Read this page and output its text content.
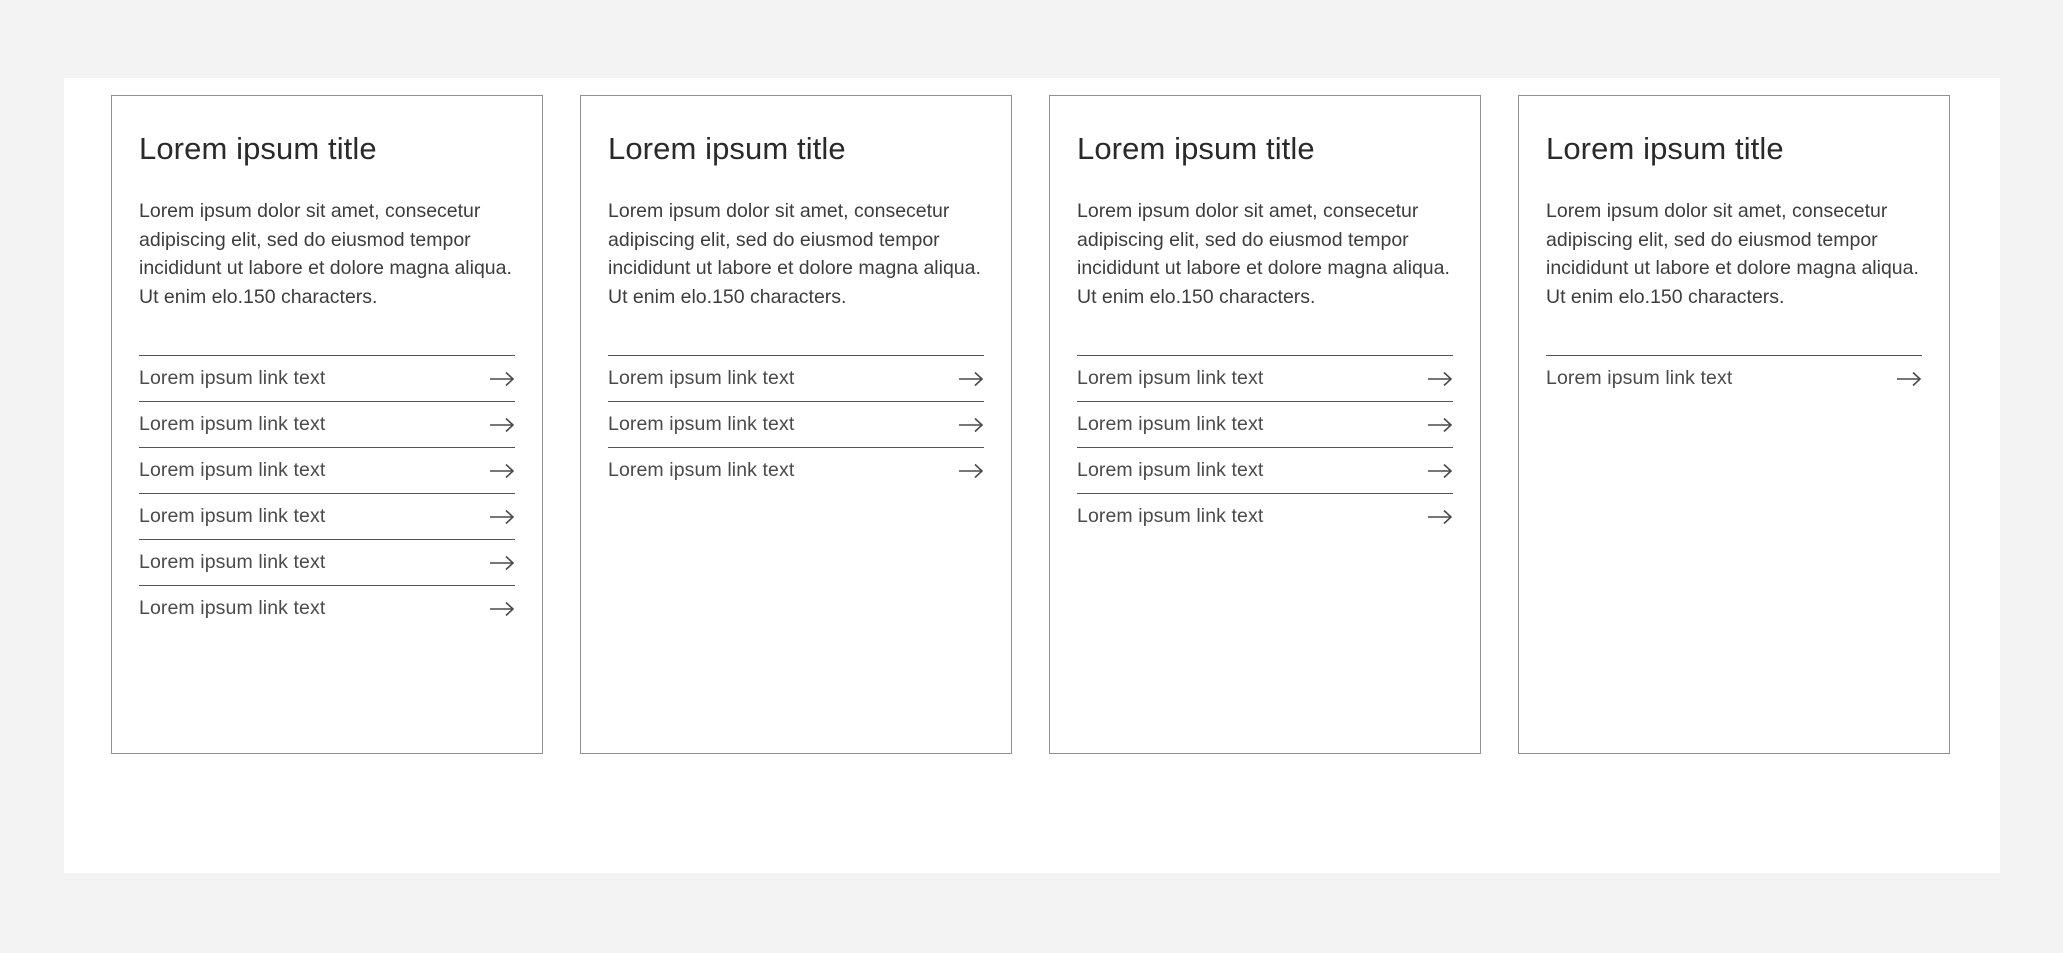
Lorem ipsum title
Lorem ipsum dolor sit amet, consecetur adipiscing elit, sed do eiusmod tempor incididunt ut labore et dolore magna aliqua. Ut enim elo.150 characters.
Lorem ipsum link text
Lorem ipsum link text
Lorem ipsum link text
Lorem ipsum link text
Lorem ipsum link text
Lorem ipsum link text
Lorem ipsum title
Lorem ipsum dolor sit amet, consecetur adipiscing elit, sed do eiusmod tempor incididunt ut labore et dolore magna aliqua. Ut enim elo.150 characters.
Lorem ipsum link text
Lorem ipsum link text
Lorem ipsum link text
Lorem ipsum title
Lorem ipsum dolor sit amet, consecetur adipiscing elit, sed do eiusmod tempor incididunt ut labore et dolore magna aliqua. Ut enim elo.150 characters.
Lorem ipsum link text
Lorem ipsum link text
Lorem ipsum link text
Lorem ipsum link text
Lorem ipsum title
Lorem ipsum dolor sit amet, consecetur adipiscing elit, sed do eiusmod tempor incididunt ut labore et dolore magna aliqua. Ut enim elo.150 characters.
Lorem ipsum link text
